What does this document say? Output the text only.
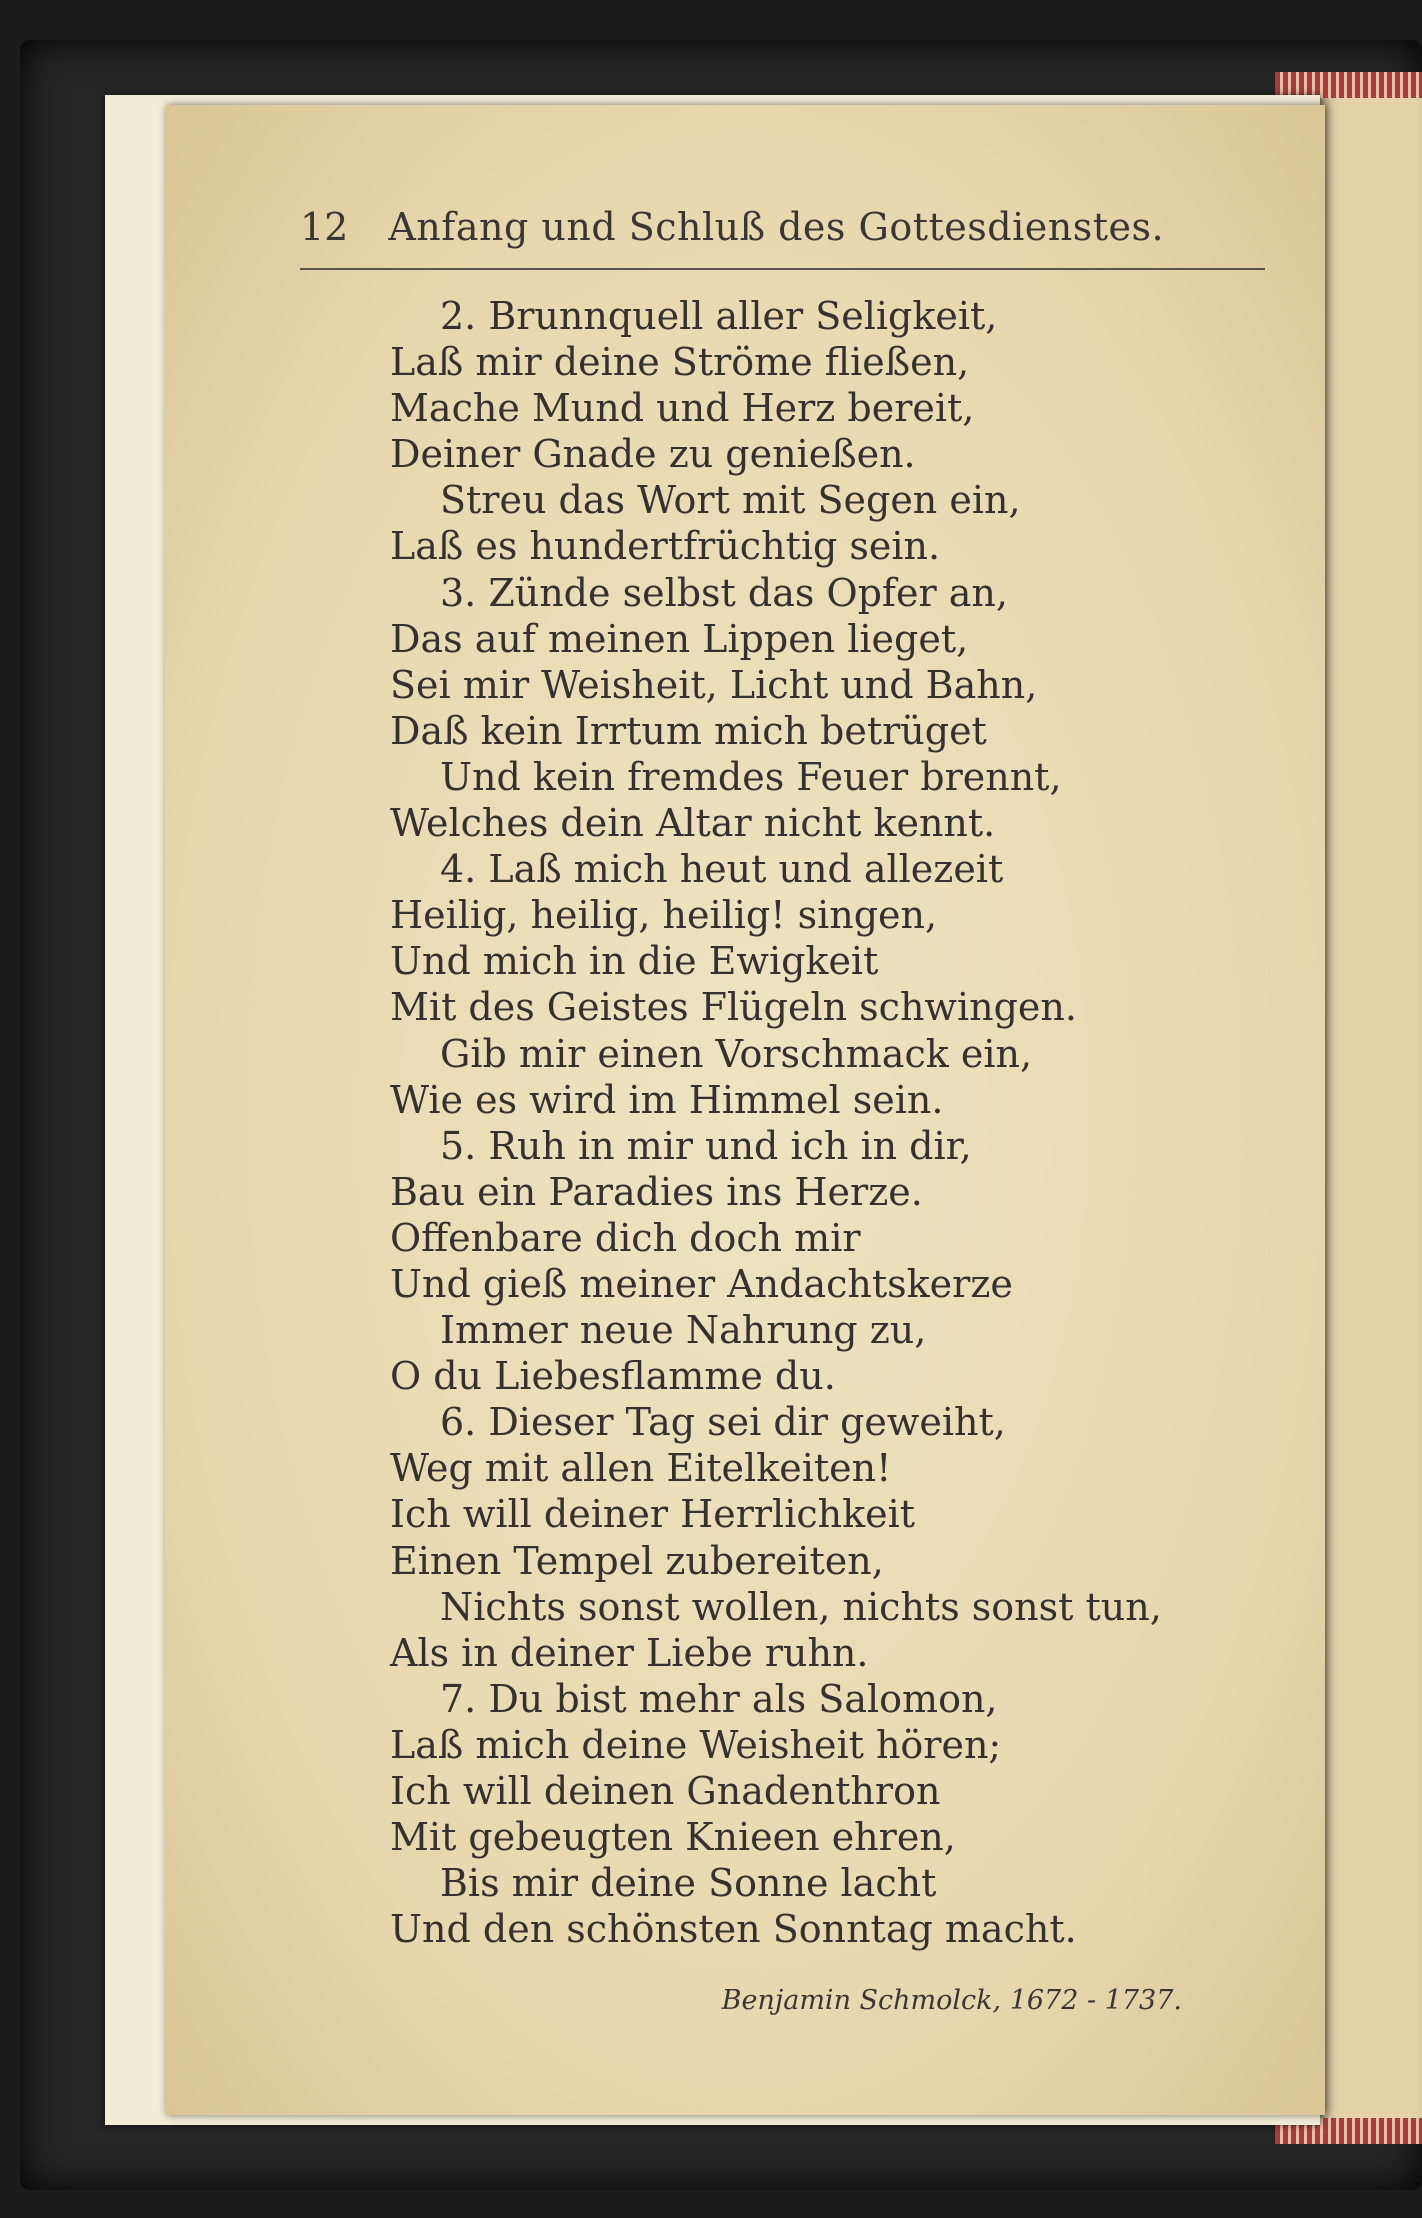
12 Anfang und Schluß des Gottesdienstes.
2. Brunnquell aller Seligkeit,
Laß mir deine Ströme fließen,
Mache Mund und Herz bereit,
Deiner Gnade zu genießen.
Streu das Wort mit Segen ein,
Laß es hundertfrüchtig sein.
3. Zünde selbst das Opfer an,
Das auf meinen Lippen lieget,
Sei mir Weisheit, Licht und Bahn,
Daß kein Irrtum mich betrüget
Und kein fremdes Feuer brennt,
Welches dein Altar nicht kennt.
4. Laß mich heut und allezeit
Heilig, heilig, heilig! singen,
Und mich in die Ewigkeit
Mit des Geistes Flügeln schwingen.
Gib mir einen Vorschmack ein,
Wie es wird im Himmel sein.
5. Ruh in mir und ich in dir,
Bau ein Paradies ins Herze.
Offenbare dich doch mir
Und gieß meiner Andachtskerze
Immer neue Nahrung zu,
O du Liebesflamme du.
6. Dieser Tag sei dir geweiht,
Weg mit allen Eitelkeiten!
Ich will deiner Herrlichkeit
Einen Tempel zubereiten,
Nichts sonst wollen, nichts sonst tun,
Als in deiner Liebe ruhn.
7. Du bist mehr als Salomon,
Laß mich deine Weisheit hören;
Ich will deinen Gnadenthron
Mit gebeugten Knieen ehren,
Bis mir deine Sonne lacht
Und den schönsten Sonntag macht.
Benjamin Schmolck, 1672 - 1737.
